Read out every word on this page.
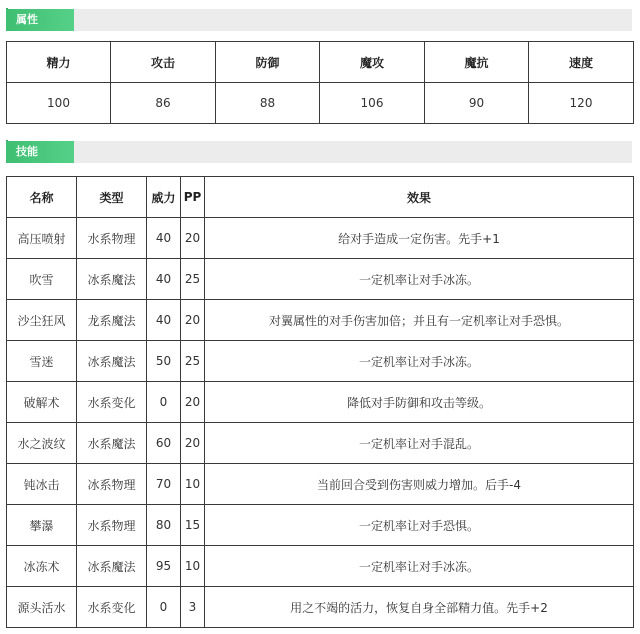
属性
精力	攻击	防御	魔攻	魔抗	速度
100	86	88	106	90	120
技能
名称	类型	威力	PP	效果
高压喷射	水系物理	40	20	给对手造成一定伤害。先手+1
吹雪	冰系魔法	40	25	一定机率让对手冰冻。
沙尘狂风	龙系魔法	40	20	对翼属性的对手伤害加倍；并且有一定机率让对手恐惧。
雪迷	冰系魔法	50	25	一定机率让对手冰冻。
破解术	水系变化	0	20	降低对手防御和攻击等级。
水之波纹	水系魔法	60	20	一定机率让对手混乱。
钝冰击	冰系物理	70	10	当前回合受到伤害则威力增加。后手-4
攀瀑	水系物理	80	15	一定机率让对手恐惧。
冰冻术	冰系魔法	95	10	一定机率让对手冰冻。
源头活水	水系变化	0	3	用之不竭的活力，恢复自身全部精力值。先手+2
